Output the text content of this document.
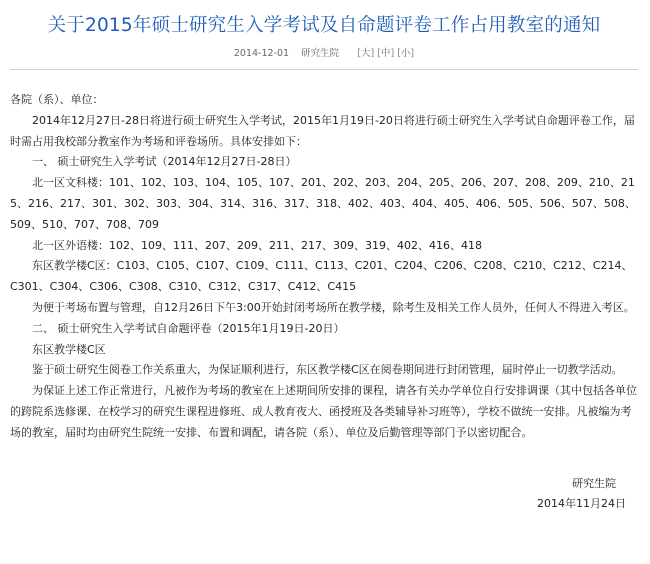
关于2015年硕士研究生入学考试及自命题评卷工作占用教室的通知
2014-12-01 研究生院 [大] [中] [小]

各院（系）、单位：

2014年12月27日-28日将进行硕士研究生入学考试，2015年1月19日-20日将进行硕士研究生入学考试自命题评卷工作，届时需占用我校部分教室作为考场和评卷场所。具体安排如下：

一、 硕士研究生入学考试（2014年12月27日-28日）

北一区文科楼：101、102、103、104、105、107、201、202、203、204、205、206、207、208、209、210、215、216、217、301、302、303、304、314、316、317、318、402、403、404、405、406、505、506、507、508、509、510、707、708、709

北一区外语楼：102、109、111、207、209、211、217、309、319、402、416、418

东区教学楼C区：C103、C105、C107、C109、C111、C113、C201、C204、C206、C208、C210、C212、C214、C301、C304、C306、C308、C310、C312、C317、C412、C415

为便于考场布置与管理，自12月26日下午3:00开始封闭考场所在教学楼，除考生及相关工作人员外，任何人不得进入考区。

二、 硕士研究生入学考试自命题评卷（2015年1月19日-20日）

东区教学楼C区

鉴于硕士研究生阅卷工作关系重大，为保证顺利进行，东区教学楼C区在阅卷期间进行封闭管理，届时停止一切教学活动。

为保证上述工作正常进行，凡被作为考场的教室在上述期间所安排的课程，请各有关办学单位自行安排调课（其中包括各单位的跨院系选修课、在校学习的研究生课程进修班、成人教育夜大、函授班及各类辅导补习班等），学校不做统一安排。凡被编为考场的教室，届时均由研究生院统一安排、布置和调配，请各院（系）、单位及后勤管理等部门予以密切配合。

研究生院
2014年11月24日
